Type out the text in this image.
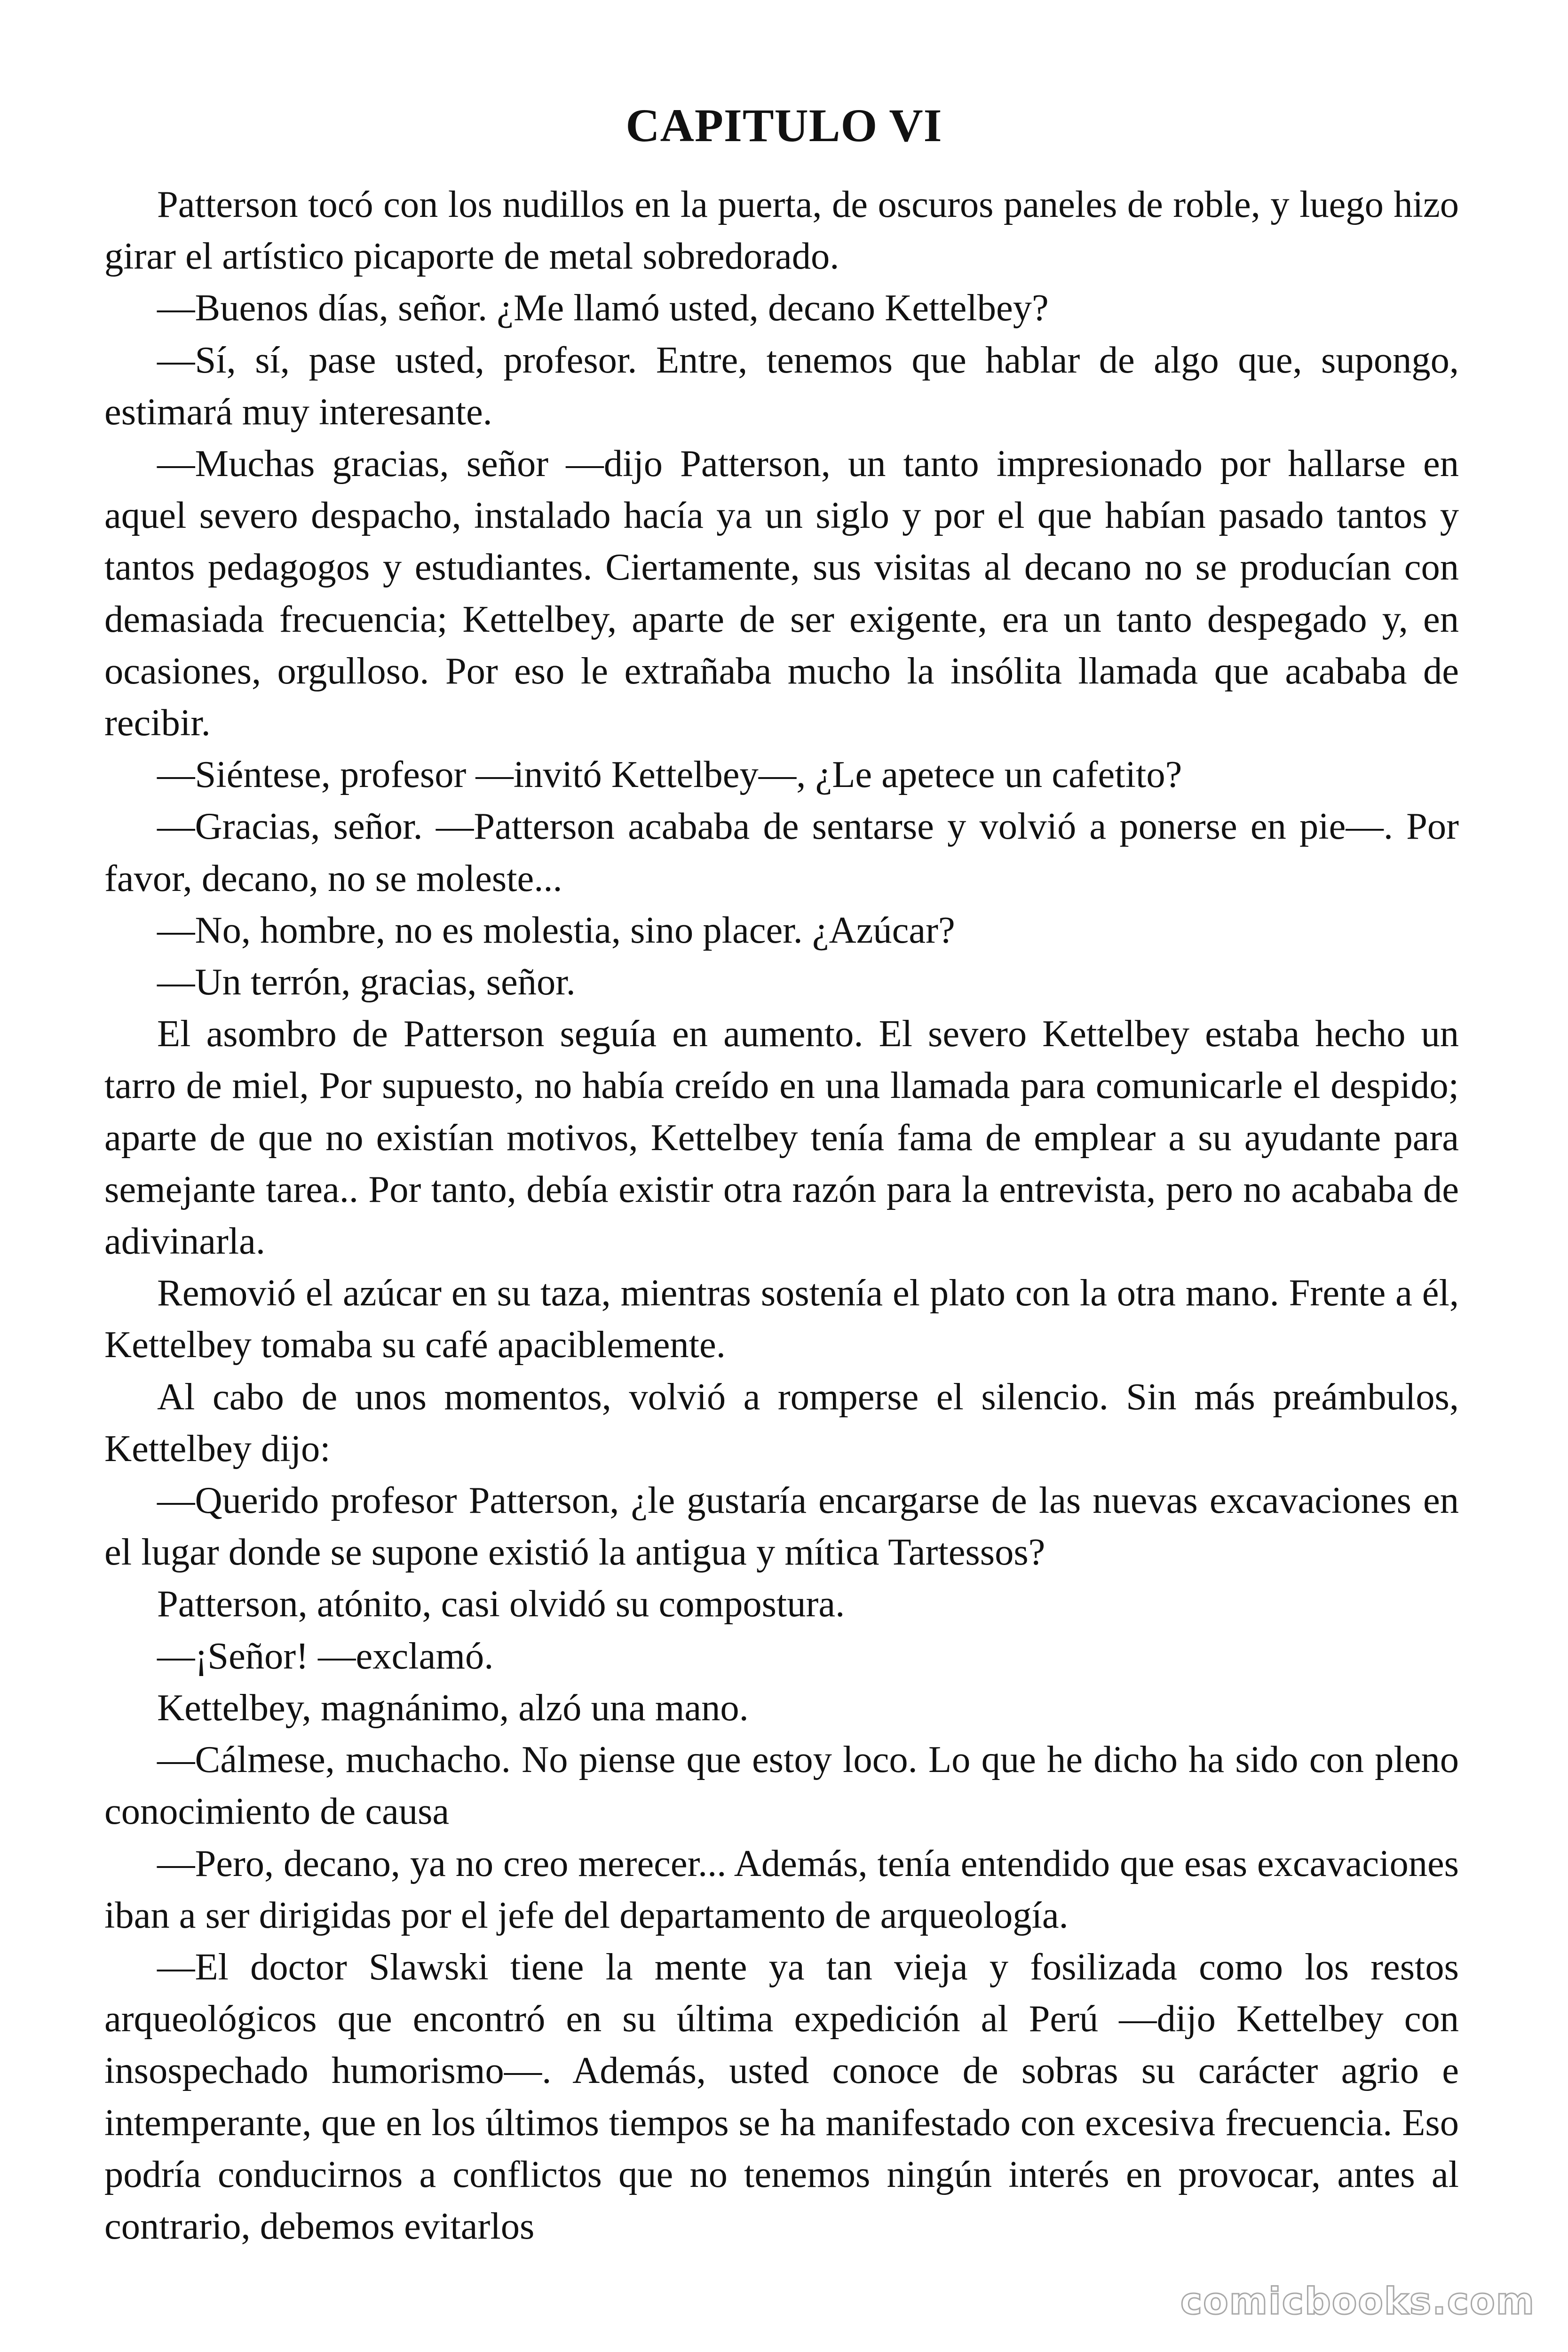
CAPITULO VI

Patterson tocó con los nudillos en la puerta, de oscuros paneles de roble, y luego hizo girar el artístico picaporte de metal sobredorado.

—Buenos días, señor. ¿Me llamó usted, decano Kettelbey?

—Sí, sí, pase usted, profesor. Entre, tenemos que hablar de algo que, supongo, estimará muy interesante.

—Muchas gracias, señor —dijo Patterson, un tanto impresionado por hallarse en aquel severo despacho, instalado hacía ya un siglo y por el que habían pasado tantos y tantos pedagogos y estudiantes. Ciertamente, sus visitas al decano no se producían con demasiada frecuencia; Kettelbey, aparte de ser exigente, era un tanto despegado y, en ocasiones, orgulloso. Por eso le extrañaba mucho la insólita llamada que acababa de recibir.

—Siéntese, profesor —invitó Kettelbey—, ¿Le apetece un cafetito?

—Gracias, señor. —Patterson acababa de sentarse y volvió a ponerse en pie—. Por favor, decano, no se moleste...

—No, hombre, no es molestia, sino placer. ¿Azúcar?

—Un terrón, gracias, señor.

El asombro de Patterson seguía en aumento. El severo Kettelbey estaba hecho un tarro de miel, Por supuesto, no había creído en una llamada para comunicarle el despido; aparte de que no existían motivos, Kettelbey tenía fama de emplear a su ayudante para semejante tarea.. Por tanto, debía existir otra razón para la entrevista, pero no acababa de adivinarla.

Removió el azúcar en su taza, mientras sostenía el plato con la otra mano. Frente a él, Kettelbey tomaba su café apaciblemente.

Al cabo de unos momentos, volvió a romperse el silencio. Sin más preámbulos, Kettelbey dijo:

—Querido profesor Patterson, ¿le gustaría encargarse de las nuevas excavaciones en el lugar donde se supone existió la antigua y mítica Tartessos?

Patterson, atónito, casi olvidó su compostura.

—¡Señor! —exclamó.

Kettelbey, magnánimo, alzó una mano.

—Cálmese, muchacho. No piense que estoy loco. Lo que he dicho ha sido con pleno conocimiento de causa

—Pero, decano, ya no creo merecer... Además, tenía entendido que esas excavaciones iban a ser dirigidas por el jefe del departamento de arqueología.

—El doctor Slawski tiene la mente ya tan vieja y fosilizada como los restos arqueológicos que encontró en su última expedición al Perú —dijo Kettelbey con insospechado humorismo—. Además, usted conoce de sobras su carácter agrio e intemperante, que en los últimos tiempos se ha manifestado con excesiva frecuencia. Eso podría conducirnos a conflictos que no tenemos ningún interés en provocar, antes al contrario, debemos evitarlos

comicbooks.com
